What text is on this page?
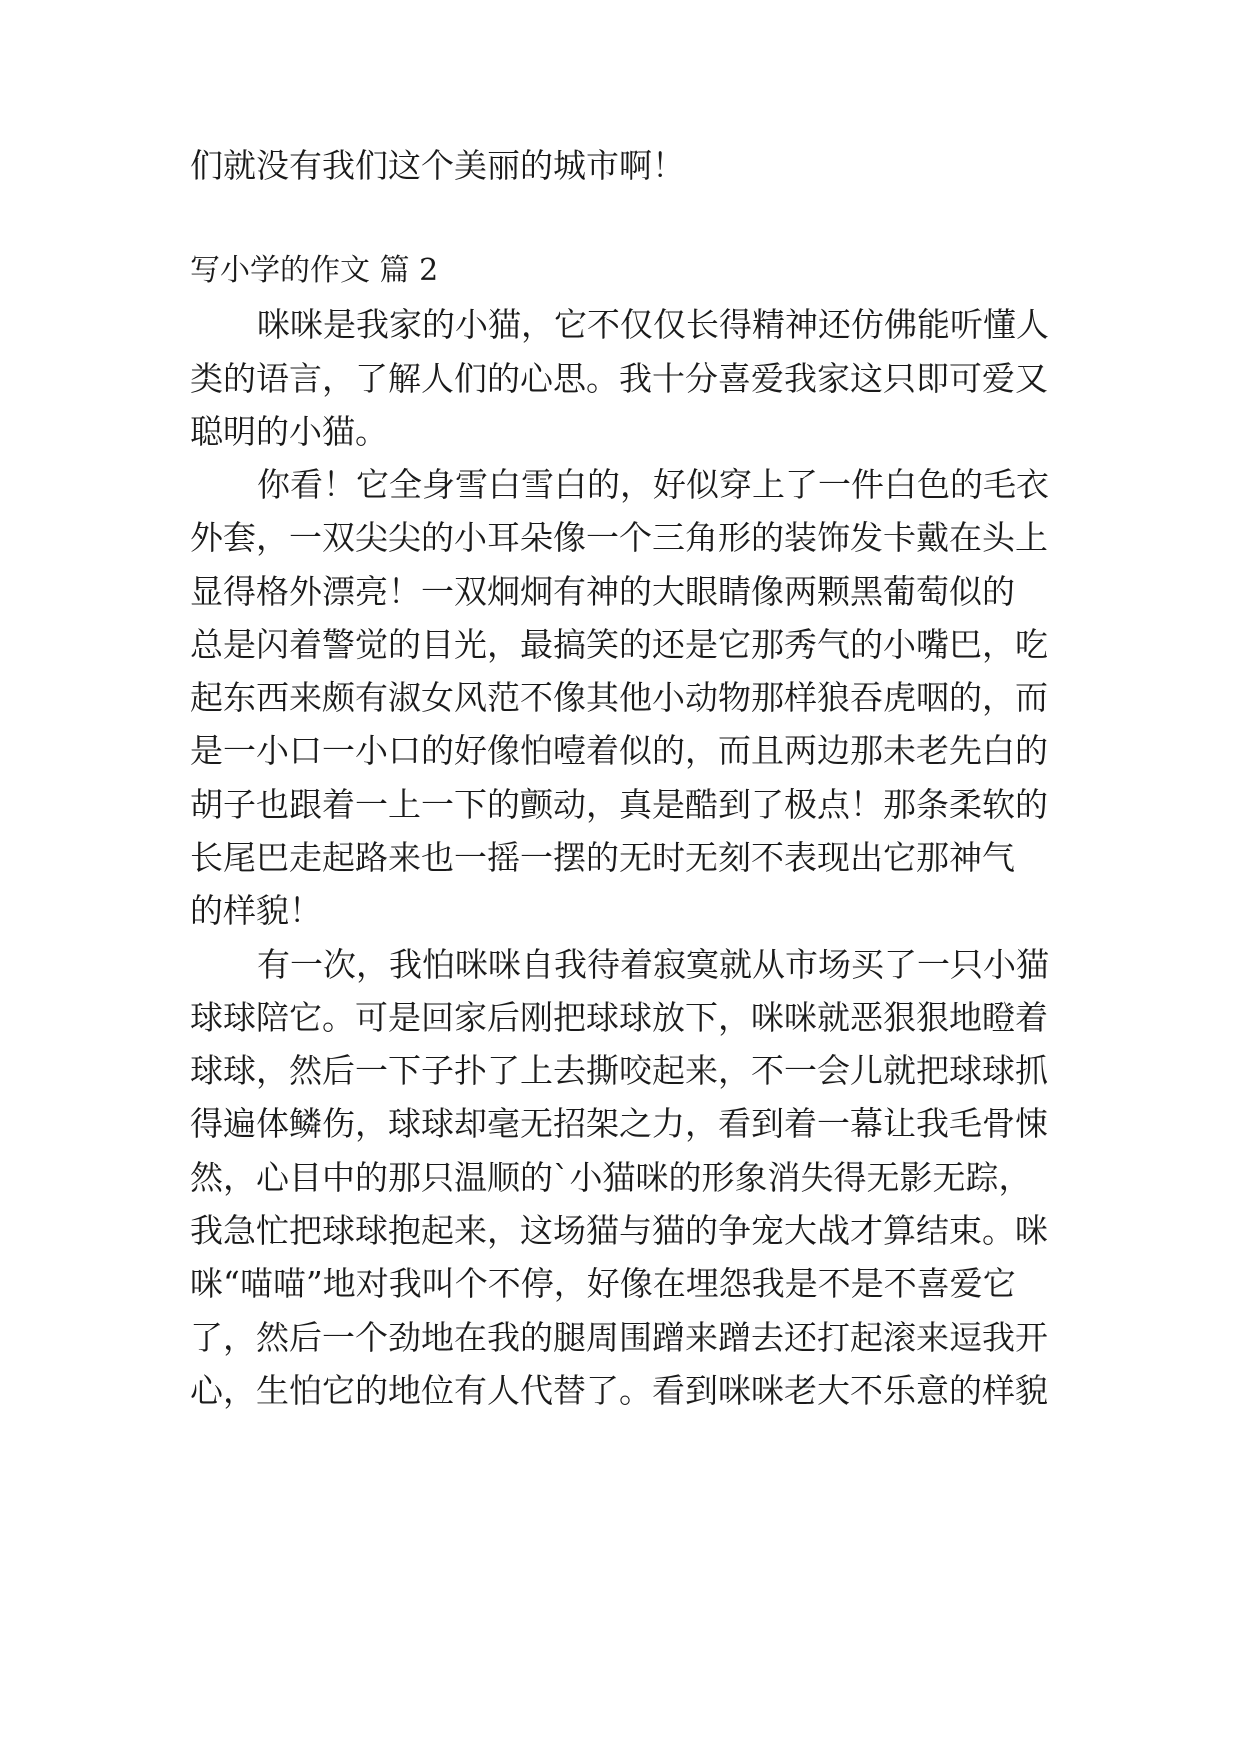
们就没有我们这个美丽的城市啊！
写小学的作文 篇 2
咪咪是我家的小猫，它不仅仅长得精神还仿佛能听懂人
类的语言，了解人们的心思。我十分喜爱我家这只即可爱又
聪明的小猫。
你看！它全身雪白雪白的，好似穿上了一件白色的毛衣
外套，一双尖尖的小耳朵像一个三角形的装饰发卡戴在头上
显得格外漂亮！一双炯炯有神的大眼睛像两颗黑葡萄似的
总是闪着警觉的目光，最搞笑的还是它那秀气的小嘴巴，吃
起东西来颇有淑女风范不像其他小动物那样狼吞虎咽的，而
是一小口一小口的好像怕噎着似的，而且两边那未老先白的
胡子也跟着一上一下的颤动，真是酷到了极点！那条柔软的
长尾巴走起路来也一摇一摆的无时无刻不表现出它那神气
的样貌！
有一次，我怕咪咪自我待着寂寞就从市场买了一只小猫
球球陪它。可是回家后刚把球球放下，咪咪就恶狠狠地瞪着
球球，然后一下子扑了上去撕咬起来，不一会儿就把球球抓
得遍体鳞伤，球球却毫无招架之力，看到着一幕让我毛骨悚
然，心目中的那只温顺的`小猫咪的形象消失得无影无踪，
我急忙把球球抱起来，这场猫与猫的争宠大战才算结束。咪
咪“喵喵”地对我叫个不停，好像在埋怨我是不是不喜爱它
了，然后一个劲地在我的腿周围蹭来蹭去还打起滚来逗我开
心，生怕它的地位有人代替了。看到咪咪老大不乐意的样貌
